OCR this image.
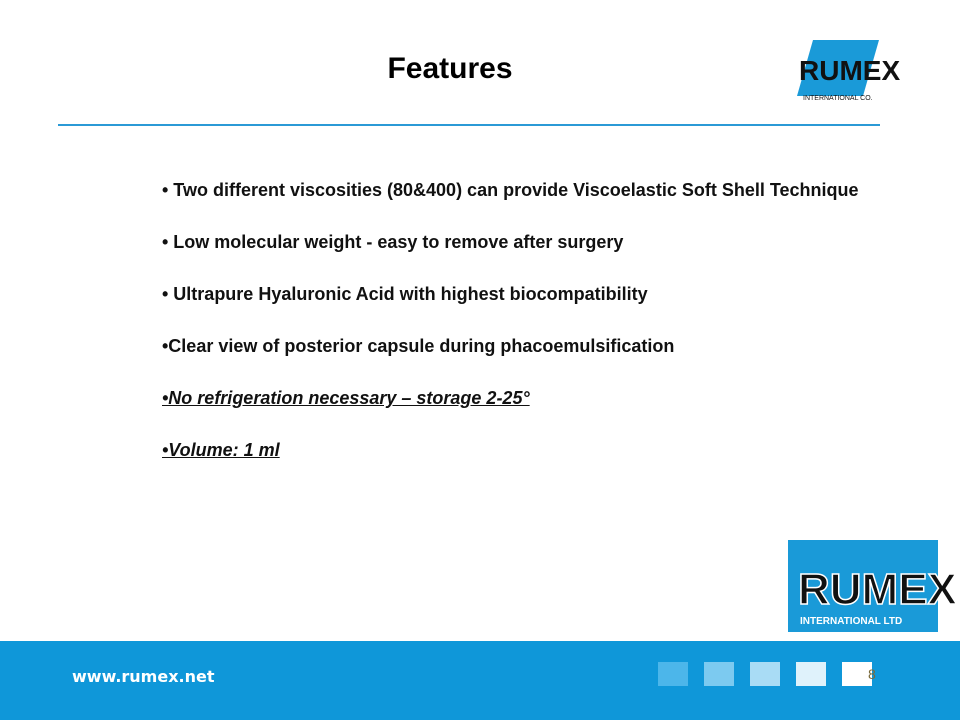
Features	RUMEX
INTERNATIONAL CO.
• Two different viscosities (80&400) can provide Viscoelastic Soft Shell Technique
• Low molecular weight - easy to remove after surgery
• Ultrapure Hyaluronic Acid with highest biocompatibility
•Clear view of posterior capsule during phacoemulsification
•No refrigeration necessary – storage 2-25°
•Volume: 1 ml
RUMEX
INTERNATIONAL LTD
www.rumex.net	8
